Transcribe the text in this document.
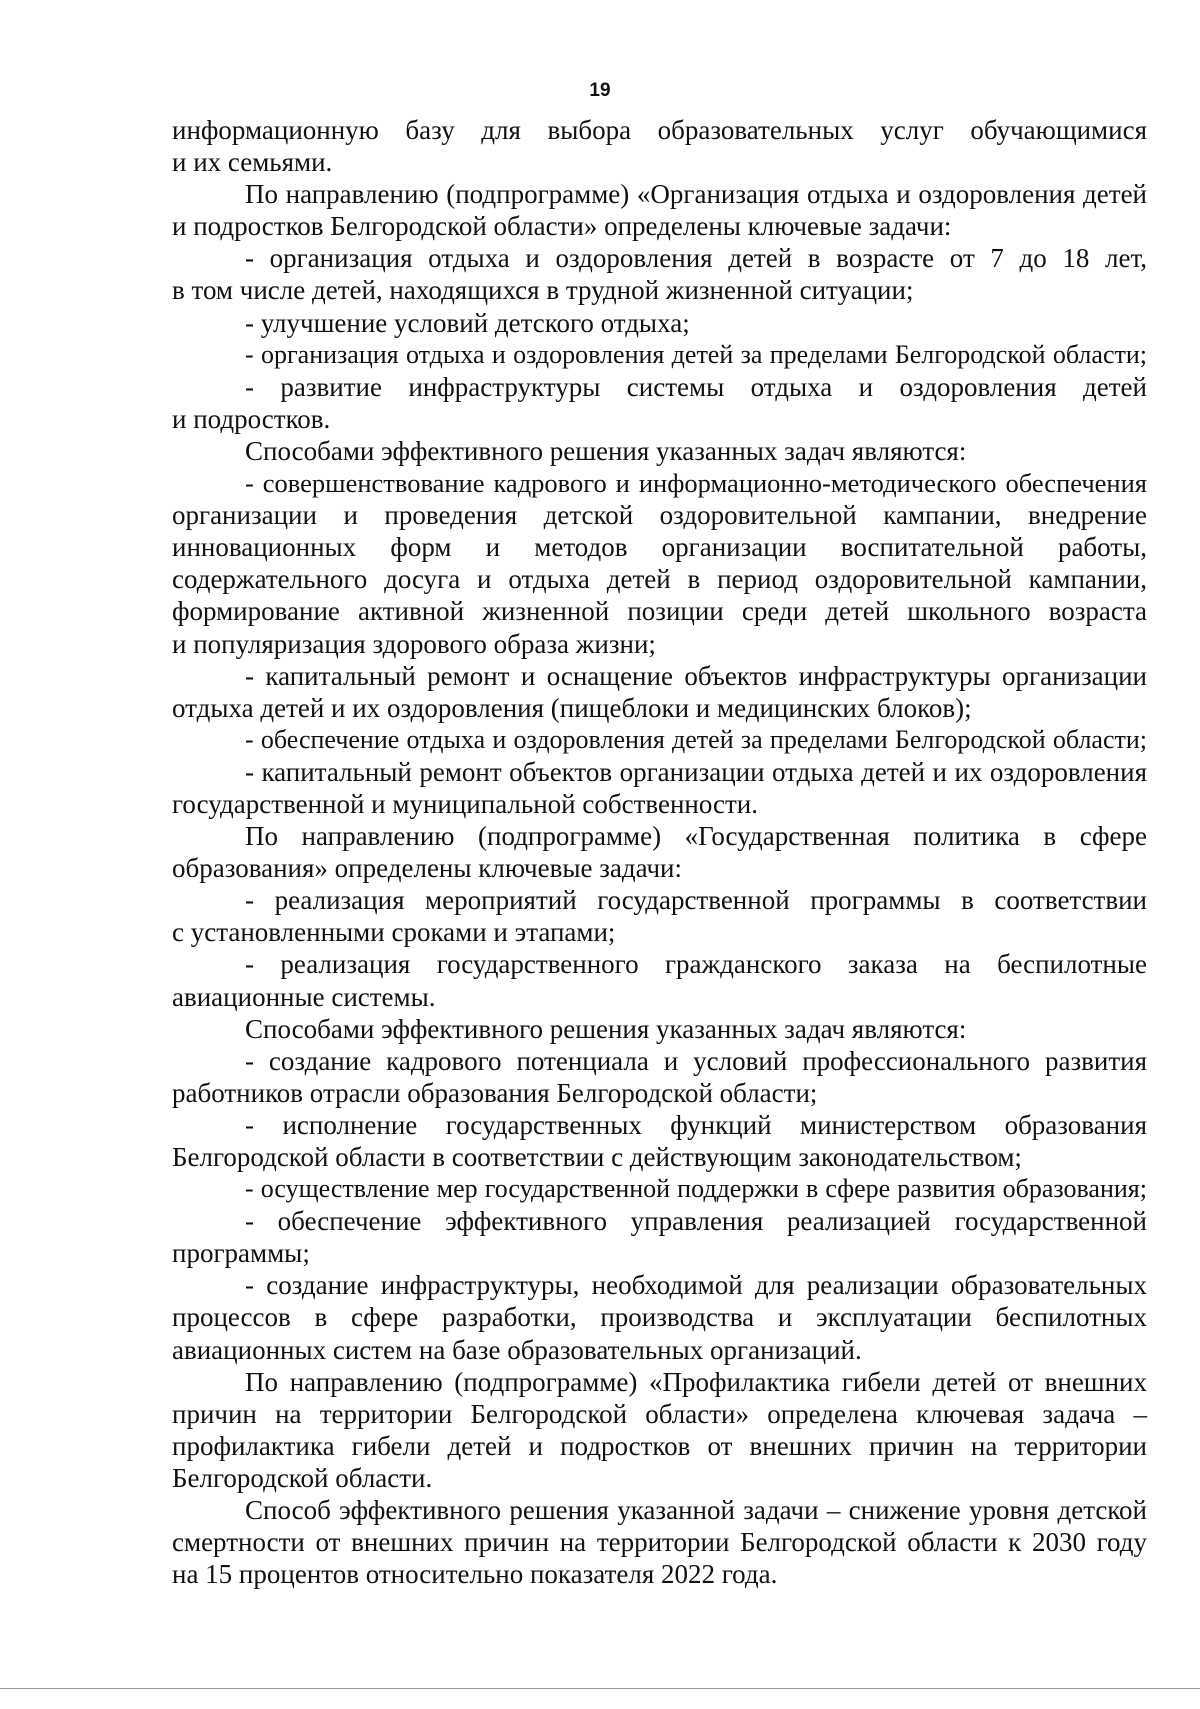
19
информационную базу для выбора образовательных услуг обучающимися
и их семьями.
По направлению (подпрограмме) «Организация отдыха и оздоровления детей
и подростков Белгородской области» определены ключевые задачи:
- организация отдыха и оздоровления детей в возрасте от 7 до 18 лет,
в том числе детей, находящихся в трудной жизненной ситуации;
- улучшение условий детского отдыха;
- организация отдыха и оздоровления детей за пределами Белгородской области;
- развитие инфраструктуры системы отдыха и оздоровления детей
и подростков.
Способами эффективного решения указанных задач являются:
- совершенствование кадрового и информационно-методического обеспечения
организации и проведения детской оздоровительной кампании, внедрение
инновационных форм и методов организации воспитательной работы,
содержательного досуга и отдыха детей в период оздоровительной кампании,
формирование активной жизненной позиции среди детей школьного возраста
и популяризация здорового образа жизни;
- капитальный ремонт и оснащение объектов инфраструктуры организации
отдыха детей и их оздоровления (пищеблоки и медицинских блоков);
- обеспечение отдыха и оздоровления детей за пределами Белгородской области;
- капитальный ремонт объектов организации отдыха детей и их оздоровления
государственной и муниципальной собственности.
По направлению (подпрограмме) «Государственная политика в сфере
образования» определены ключевые задачи:
- реализация мероприятий государственной программы в соответствии
с установленными сроками и этапами;
- реализация государственного гражданского заказа на беспилотные
авиационные системы.
Способами эффективного решения указанных задач являются:
- создание кадрового потенциала и условий профессионального развития
работников отрасли образования Белгородской области;
- исполнение государственных функций министерством образования
Белгородской области в соответствии с действующим законодательством;
- осуществление мер государственной поддержки в сфере развития образования;
- обеспечение эффективного управления реализацией государственной
программы;
- создание инфраструктуры, необходимой для реализации образовательных
процессов в сфере разработки, производства и эксплуатации беспилотных
авиационных систем на базе образовательных организаций.
По направлению (подпрограмме) «Профилактика гибели детей от внешних
причин на территории Белгородской области» определена ключевая задача –
профилактика гибели детей и подростков от внешних причин на территории
Белгородской области.
Способ эффективного решения указанной задачи – снижение уровня детской
смертности от внешних причин на территории Белгородской области к 2030 году
на 15 процентов относительно показателя 2022 года.
